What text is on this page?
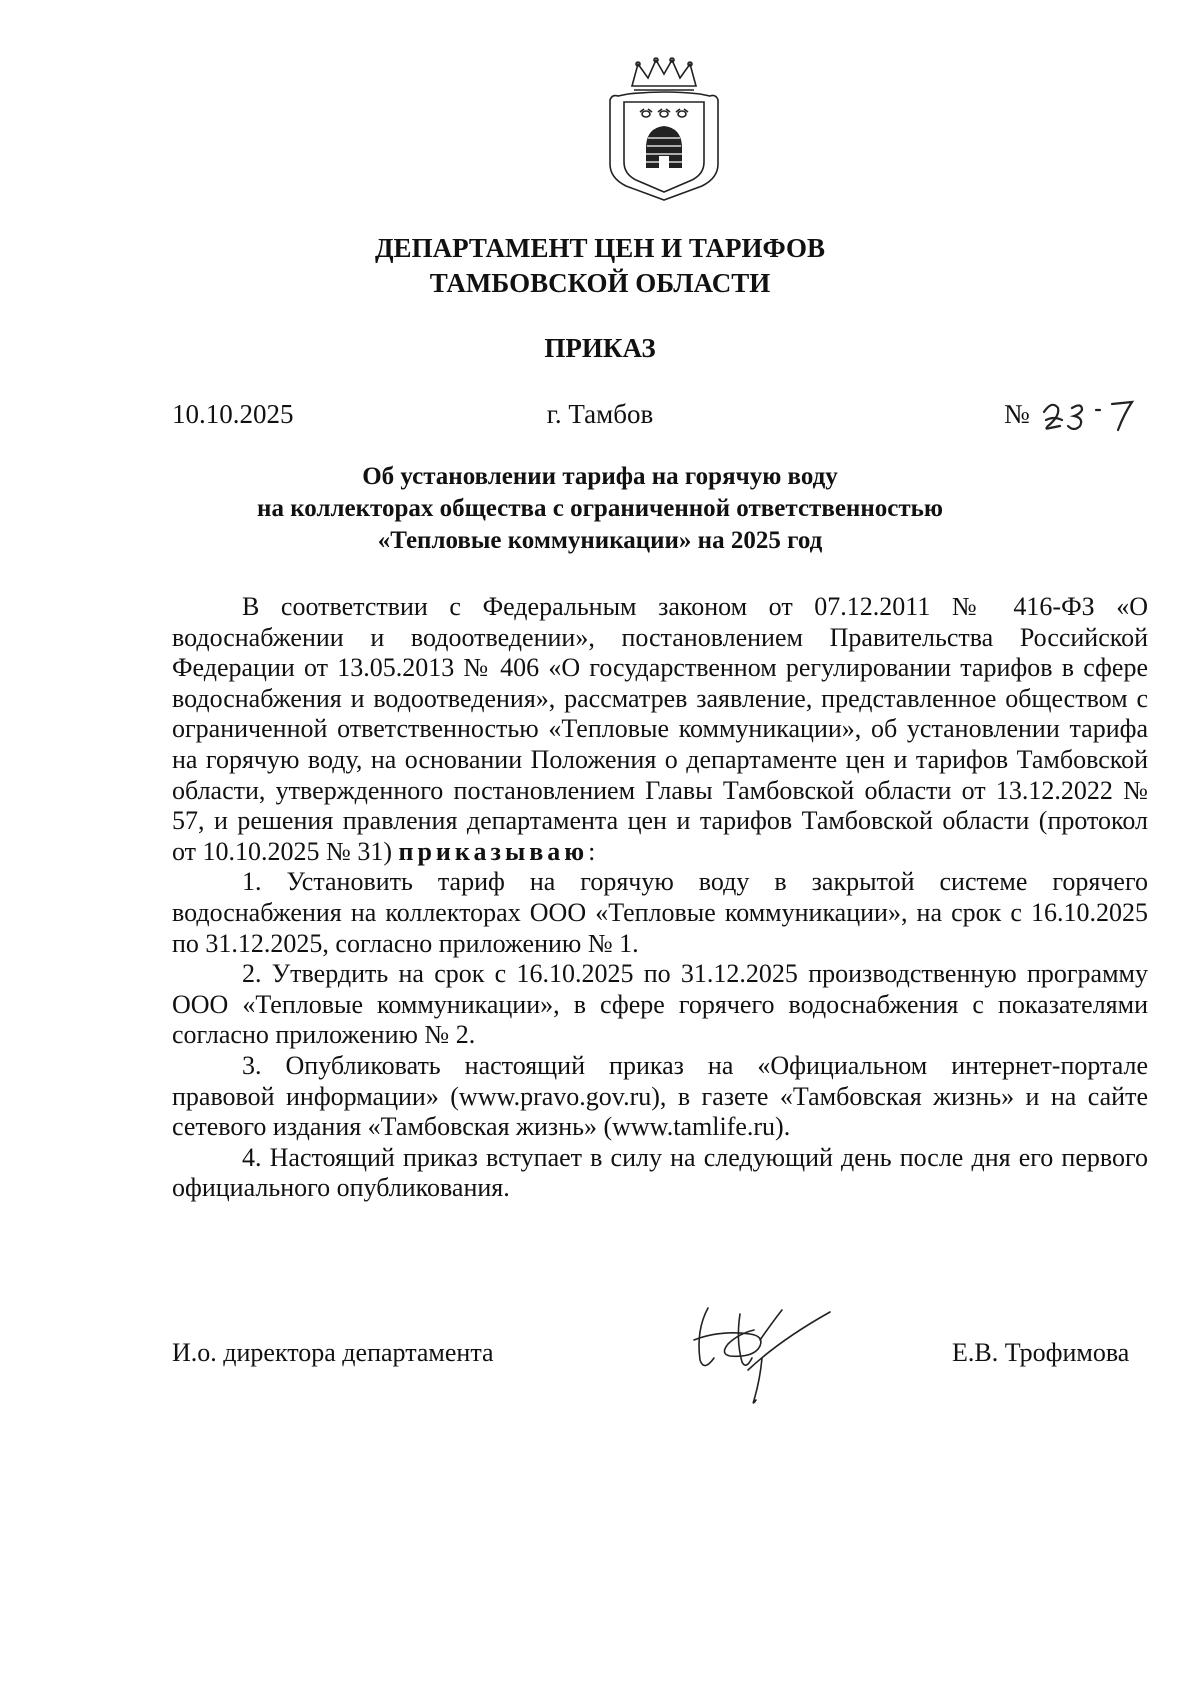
ДЕПАРТАМЕНТ ЦЕН И ТАРИФОВ
ТАМБОВСКОЙ ОБЛАСТИ
ПРИКАЗ
10.10.2025	г. Тамбов	№
Об установлении тарифа на горячую воду
на коллекторах общества с ограниченной ответственностью
«Тепловые коммуникации» на 2025 год

В соответствии с Федеральным законом от 07.12.2011 № 416-ФЗ «О водоснабжении и водоотведении», постановлением Правительства Российской Федерации от 13.05.2013 № 406 «О государственном регулировании тарифов в сфере водоснабжения и водоотведения», рассматрев заявление, представленное обществом с ограниченной ответственностью «Тепловые коммуникации», об установлении тарифа на горячую воду, на основании Положения о департаменте цен и тарифов Тамбовской области, утвержденного постановлением Главы Тамбовской области от 13.12.2022 № 57, и решения правления департамента цен и тарифов Тамбовской области (протокол от 10.10.2025 № 31) приказываю:

1. Установить тариф на горячую воду в закрытой системе горячего водоснабжения на коллекторах ООО «Тепловые коммуникации», на срок с 16.10.2025 по 31.12.2025, согласно приложению № 1.

2. Утвердить на срок с 16.10.2025 по 31.12.2025 производственную программу ООО «Тепловые коммуникации», в сфере горячего водоснабжения с показателями согласно приложению № 2.

3. Опубликовать настоящий приказ на «Официальном интернет-портале правовой информации» (www.pravo.gov.ru), в газете «Тамбовская жизнь» и на сайте сетевого издания «Тамбовская жизнь» (www.tamlife.ru).

4. Настоящий приказ вступает в силу на следующий день после дня его первого официального опубликования.

И.о. директора департамента	Е.В. Трофимова
